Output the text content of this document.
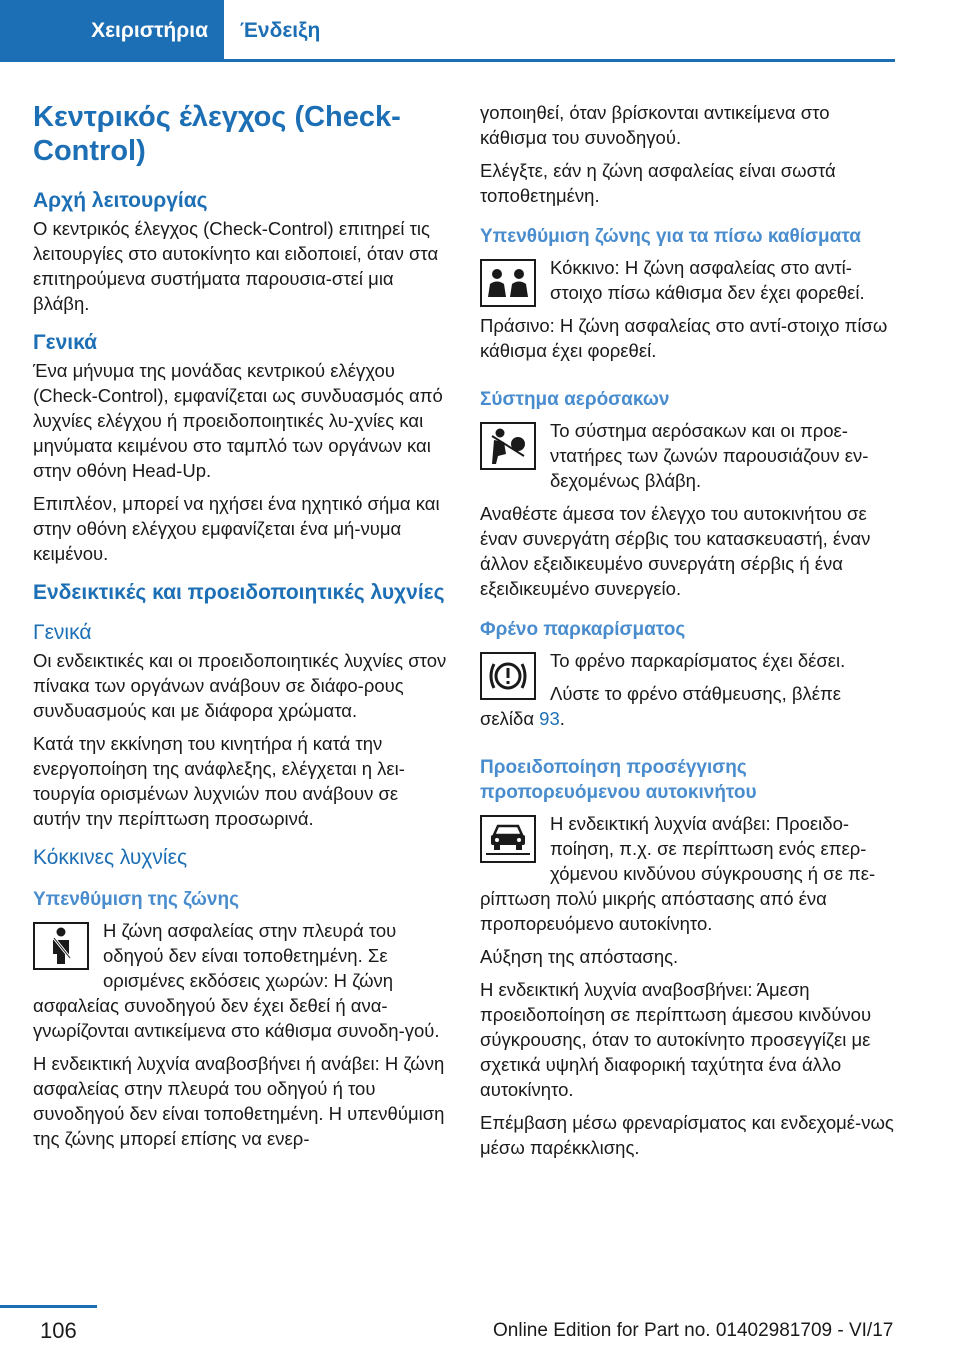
Χειριστήρια	Ένδειξη
Κεντρικός έλεγχος (Check-Control)
Αρχή λειτουργίας
Ο κεντρικός έλεγχος (Check-Control) επιτηρεί τις λειτουργίες στο αυτοκίνητο και ειδοποιεί, όταν στα επιτηρούμενα συστήματα παρουσια-στεί μια βλάβη.
Γενικά
Ένα μήνυμα της μονάδας κεντρικού ελέγχου (Check-Control), εμφανίζεται ως συνδυασμός από λυχνίες ελέγχου ή προειδοποιητικές λυ-χνίες και μηνύματα κειμένου στο ταμπλό των οργάνων και στην οθόνη Head-Up.
Επιπλέον, μπορεί να ηχήσει ένα ηχητικό σήμα και στην οθόνη ελέγχου εμφανίζεται ένα μή-νυμα κειμένου.
Ενδεικτικές και προειδοποιητικές λυχνίες
Γενικά
Οι ενδεικτικές και οι προειδοποιητικές λυχνίες στον πίνακα των οργάνων ανάβουν σε διάφο-ρους συνδυασμούς και με διάφορα χρώματα.
Κατά την εκκίνηση του κινητήρα ή κατά την ενεργοποίηση της ανάφλεξης, ελέγχεται η λει-τουργία ορισμένων λυχνιών που ανάβουν σε αυτήν την περίπτωση προσωρινά.
Κόκκινες λυχνίες
Υπενθύμιση της ζώνης
Η ζώνη ασφαλείας στην πλευρά του οδηγού δεν είναι τοποθετημένη. Σε ορισμένες εκδόσεις χωρών: Η ζώνη ασφαλείας συνοδηγού δεν έχει δεθεί ή ανα-γνωρίζονται αντικείμενα στο κάθισμα συνοδη-γού.
Η ενδεικτική λυχνία αναβοσβήνει ή ανάβει: Η ζώνη ασφαλείας στην πλευρά του οδηγού ή του συνοδηγού δεν είναι τοποθετημένη. Η υπενθύμιση της ζώνης μπορεί επίσης να ενερ-
γοποιηθεί, όταν βρίσκονται αντικείμενα στο κάθισμα του συνοδηγού.
Ελέγξτε, εάν η ζώνη ασφαλείας είναι σωστά τοποθετημένη.
Υπενθύμιση ζώνης για τα πίσω καθίσματα
Κόκκινο: Η ζώνη ασφαλείας στο αντί-στοιχο πίσω κάθισμα δεν έχει φορεθεί.
Πράσινο: Η ζώνη ασφαλείας στο αντί-στοιχο πίσω κάθισμα έχει φορεθεί.
Σύστημα αερόσακων
Το σύστημα αερόσακων και οι προε-ντατήρες των ζωνών παρουσιάζουν εν-δεχομένως βλάβη.
Αναθέστε άμεσα τον έλεγχο του αυτοκινήτου σε έναν συνεργάτη σέρβις του κατασκευαστή, έναν άλλον εξειδικευμένο συνεργάτη σέρβις ή ένα εξειδικευμένο συνεργείο.
Φρένο παρκαρίσματος
Το φρένο παρκαρίσματος έχει δέσει.
Λύστε το φρένο στάθμευσης, βλέπε σελίδα 93.
Προειδοποίηση προσέγγισης προπορευόμενου αυτοκινήτου
Η ενδεικτική λυχνία ανάβει: Προειδο-ποίηση, π.χ. σε περίπτωση ενός επερ-χόμενου κινδύνου σύγκρουσης ή σε πε-ρίπτωση πολύ μικρής απόστασης από ένα προπορευόμενο αυτοκίνητο.
Αύξηση της απόστασης.
Η ενδεικτική λυχνία αναβοσβήνει: Άμεση προειδοποίηση σε περίπτωση άμεσου κινδύνου σύγκρουσης, όταν το αυτοκίνητο προσεγγίζει με σχετικά υψηλή διαφορική ταχύτητα ένα άλλο αυτοκίνητο.
Επέμβαση μέσω φρεναρίσματος και ενδεχομέ-νως μέσω παρέκκλισης.
106	Online Edition for Part no. 01402981709 - VI/17
